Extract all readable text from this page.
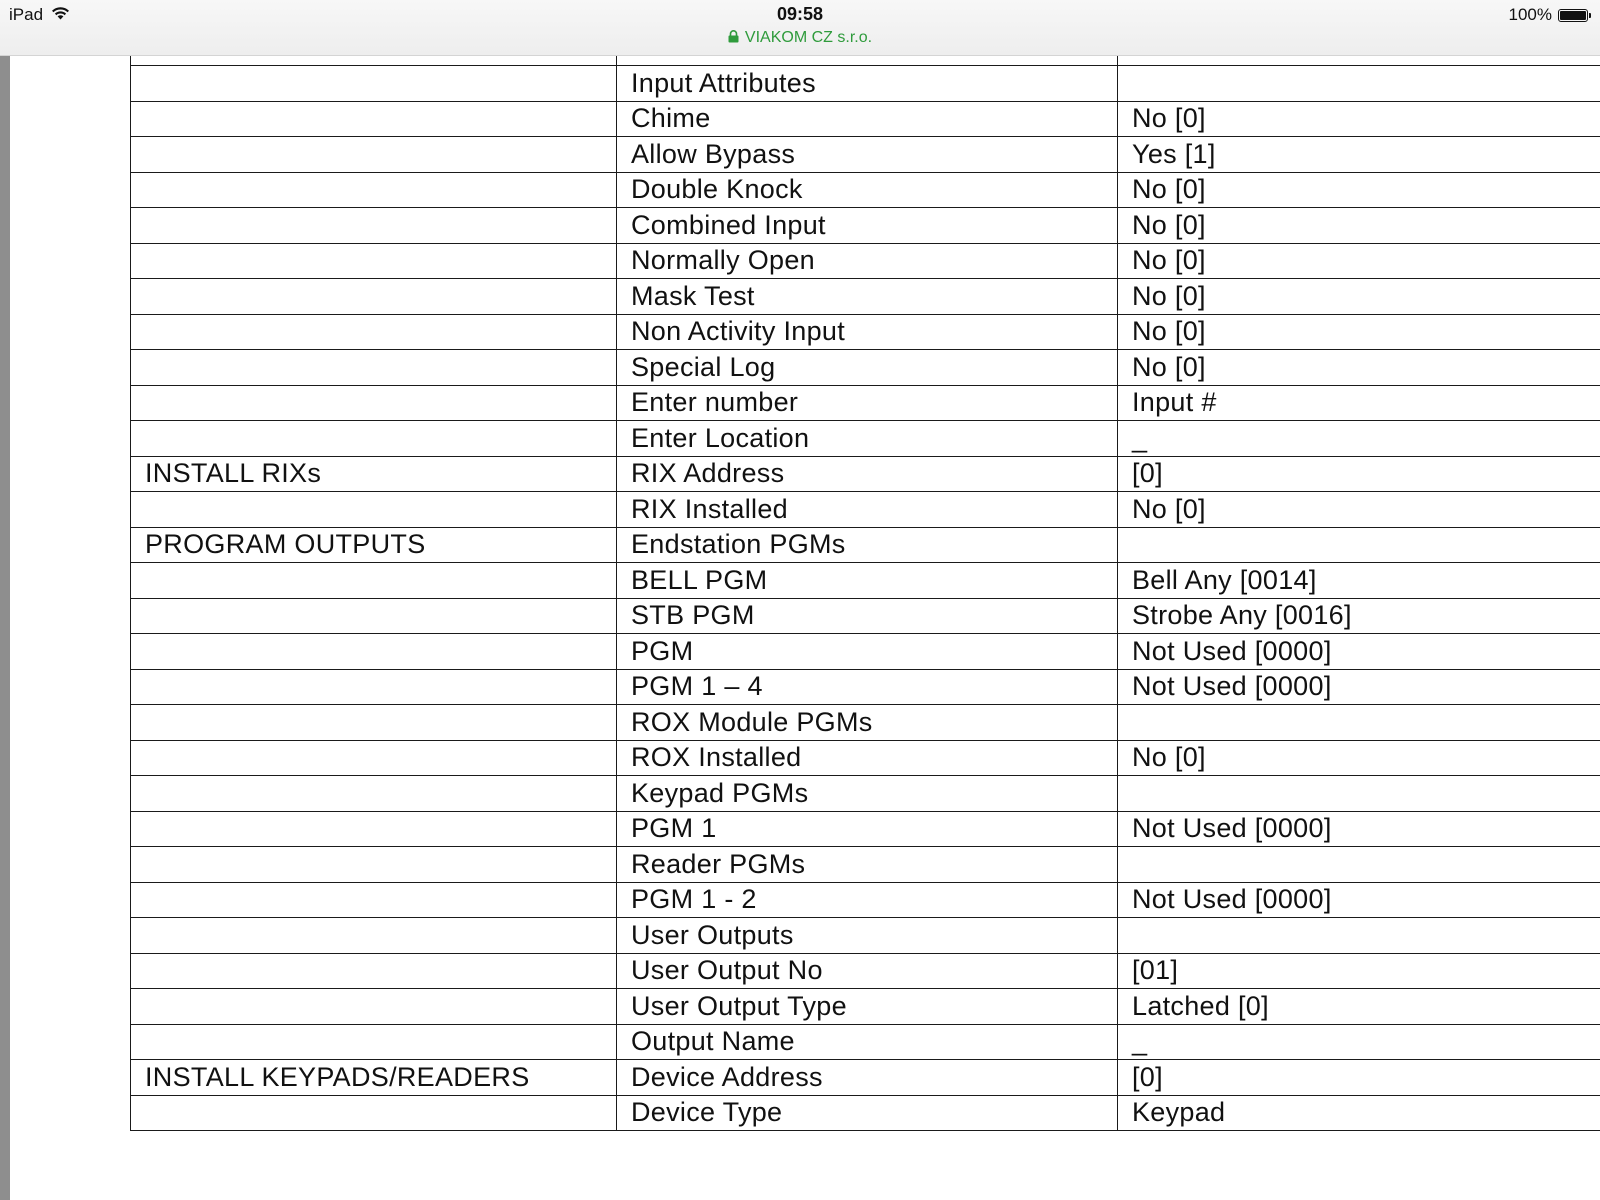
	Input Attributes	
	Chime	No [0]
	Allow Bypass	Yes [1]
	Double Knock	No [0]
	Combined Input	No [0]
	Normally Open	No [0]
	Mask Test	No [0]
	Non Activity Input	No [0]
	Special Log	No [0]
	Enter number	Input #
	Enter Location	_
INSTALL RIXs	RIX Address	[0]
	RIX Installed	No [0]
PROGRAM OUTPUTS	Endstation PGMs	
	BELL PGM	Bell Any [0014]
	STB PGM	Strobe Any [0016]
	PGM	Not Used [0000]
	PGM 1 – 4	Not Used [0000]
	ROX Module PGMs	
	ROX Installed	No [0]
	Keypad PGMs	
	PGM 1	Not Used [0000]
	Reader PGMs	
	PGM 1 - 2	Not Used [0000]
	User Outputs	
	User Output No	[01]
	User Output Type	Latched [0]
	Output Name	_
INSTALL KEYPADS/READERS	Device Address	[0]
	Device Type	Keypad
iPad	09:58
VIAKOM CZ s.r.o.
100%
